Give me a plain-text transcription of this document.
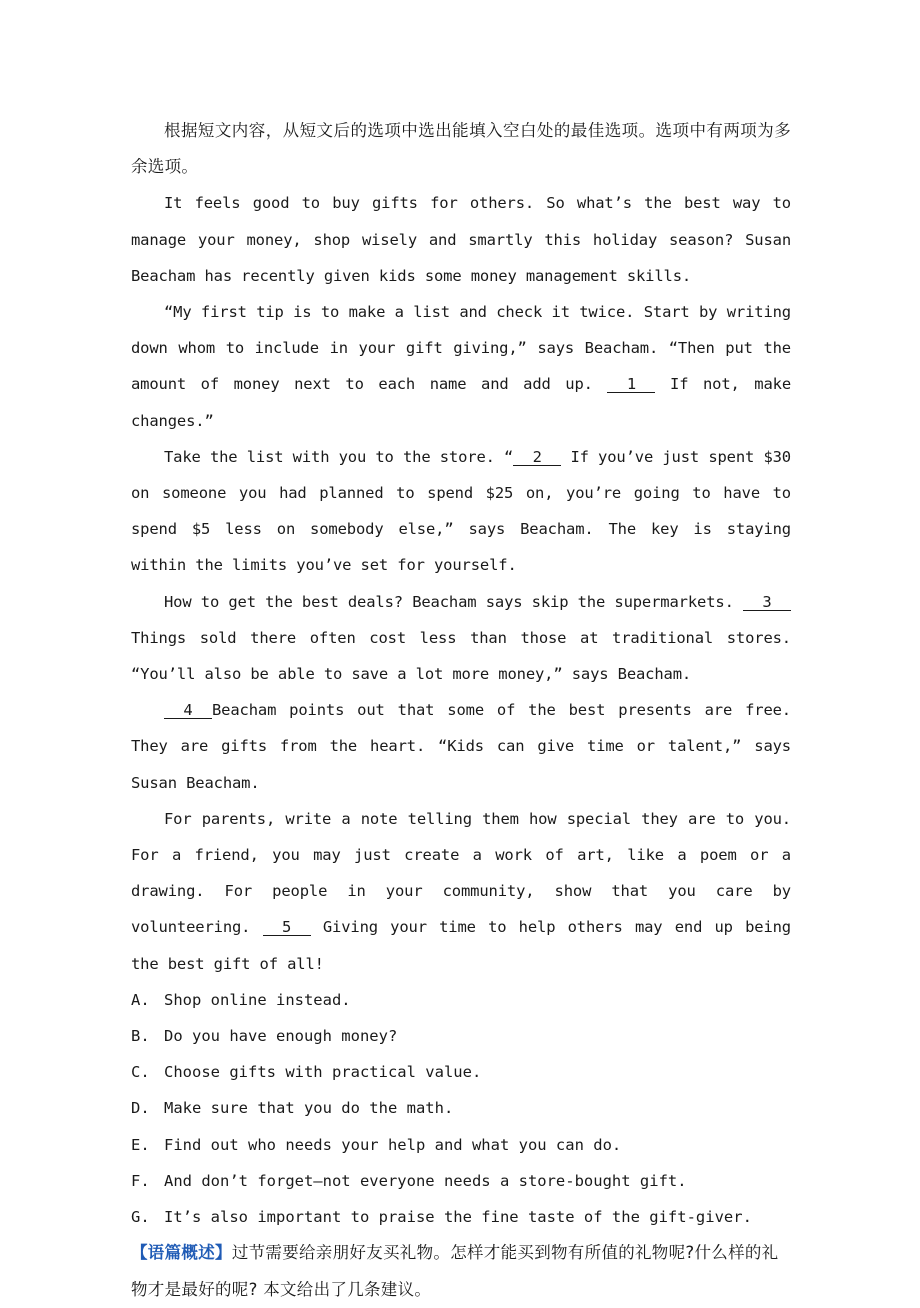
根据短文内容，从短文后的选项中选出能填入空白处的最佳选项。选项中有两项为多余选项。

It feels good to buy gifts for others. So what’s the best way to manage your money, shop wisely and smartly this holiday season? Susan Beacham has recently given kids some money management skills.

“My first tip is to make a list and check it twice. Start by writing down whom to include in your gift giving,” says Beacham. “Then put the amount of money next to each name and add up. 1 If not, make changes.”

Take the list with you to the store. “ 2 If you’ve just spent $30 on someone you had planned to spend $25 on, you’re going to have to spend $5 less on somebody else,” says Beacham. The key is staying within the limits you’ve set for yourself.

How to get the best deals? Beacham says skip the supermarkets. 3 Things sold there often cost less than those at traditional stores. “You’ll also be able to save a lot more money,” says Beacham.

4 Beacham points out that some of the best presents are free. They are gifts from the heart. “Kids can give time or talent,” says Susan Beacham.

For parents, write a note telling them how special they are to you. For a friend, you may just create a work of art, like a poem or a drawing. For people in your community, show that you care by volunteering. 5 Giving your time to help others may end up being the best gift of all!

A. Shop online instead.
B. Do you have enough money?
C. Choose gifts with practical value.
D. Make sure that you do the math.
E. Find out who needs your help and what you can do.
F. And don’t forget—not everyone needs a store-bought gift.
G. It’s also important to praise the fine taste of the gift-giver.

【语篇概述】过节需要给亲朋好友买礼物。怎样才能买到物有所值的礼物呢?什么样的礼物才是最好的呢? 本文给出了几条建议。
